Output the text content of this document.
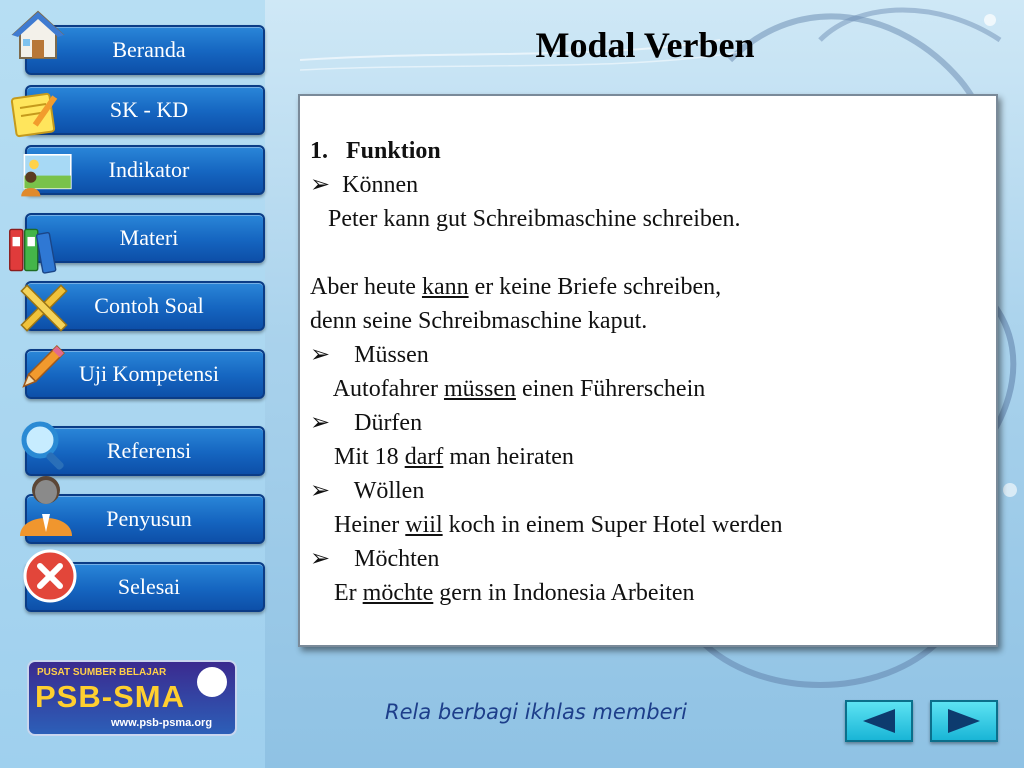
Beranda
SK - KD
Indikator
Materi
Contoh Soal
Uji Kompetensi
Referensi
Penyusun
Selesai
Modal Verben

1. Funktion

➢ Können

Peter kann gut Schreibmaschine schreiben.

Aber heute kann er keine Briefe schreiben,

denn seine Schreibmaschine kaput.

➢ Müssen

Autofahrer müssen einen Führerschein

➢ Dürfen

Mit 18 darf man heiraten

➢ Wöllen

Heiner wiil koch in einem Super Hotel werden

➢ Möchten

Er möchte gern in Indonesia Arbeiten

PUSAT SUMBER BELAJAR
PSB-SMA
www.psb-psma.org	Rela berbagi ikhlas memberi
